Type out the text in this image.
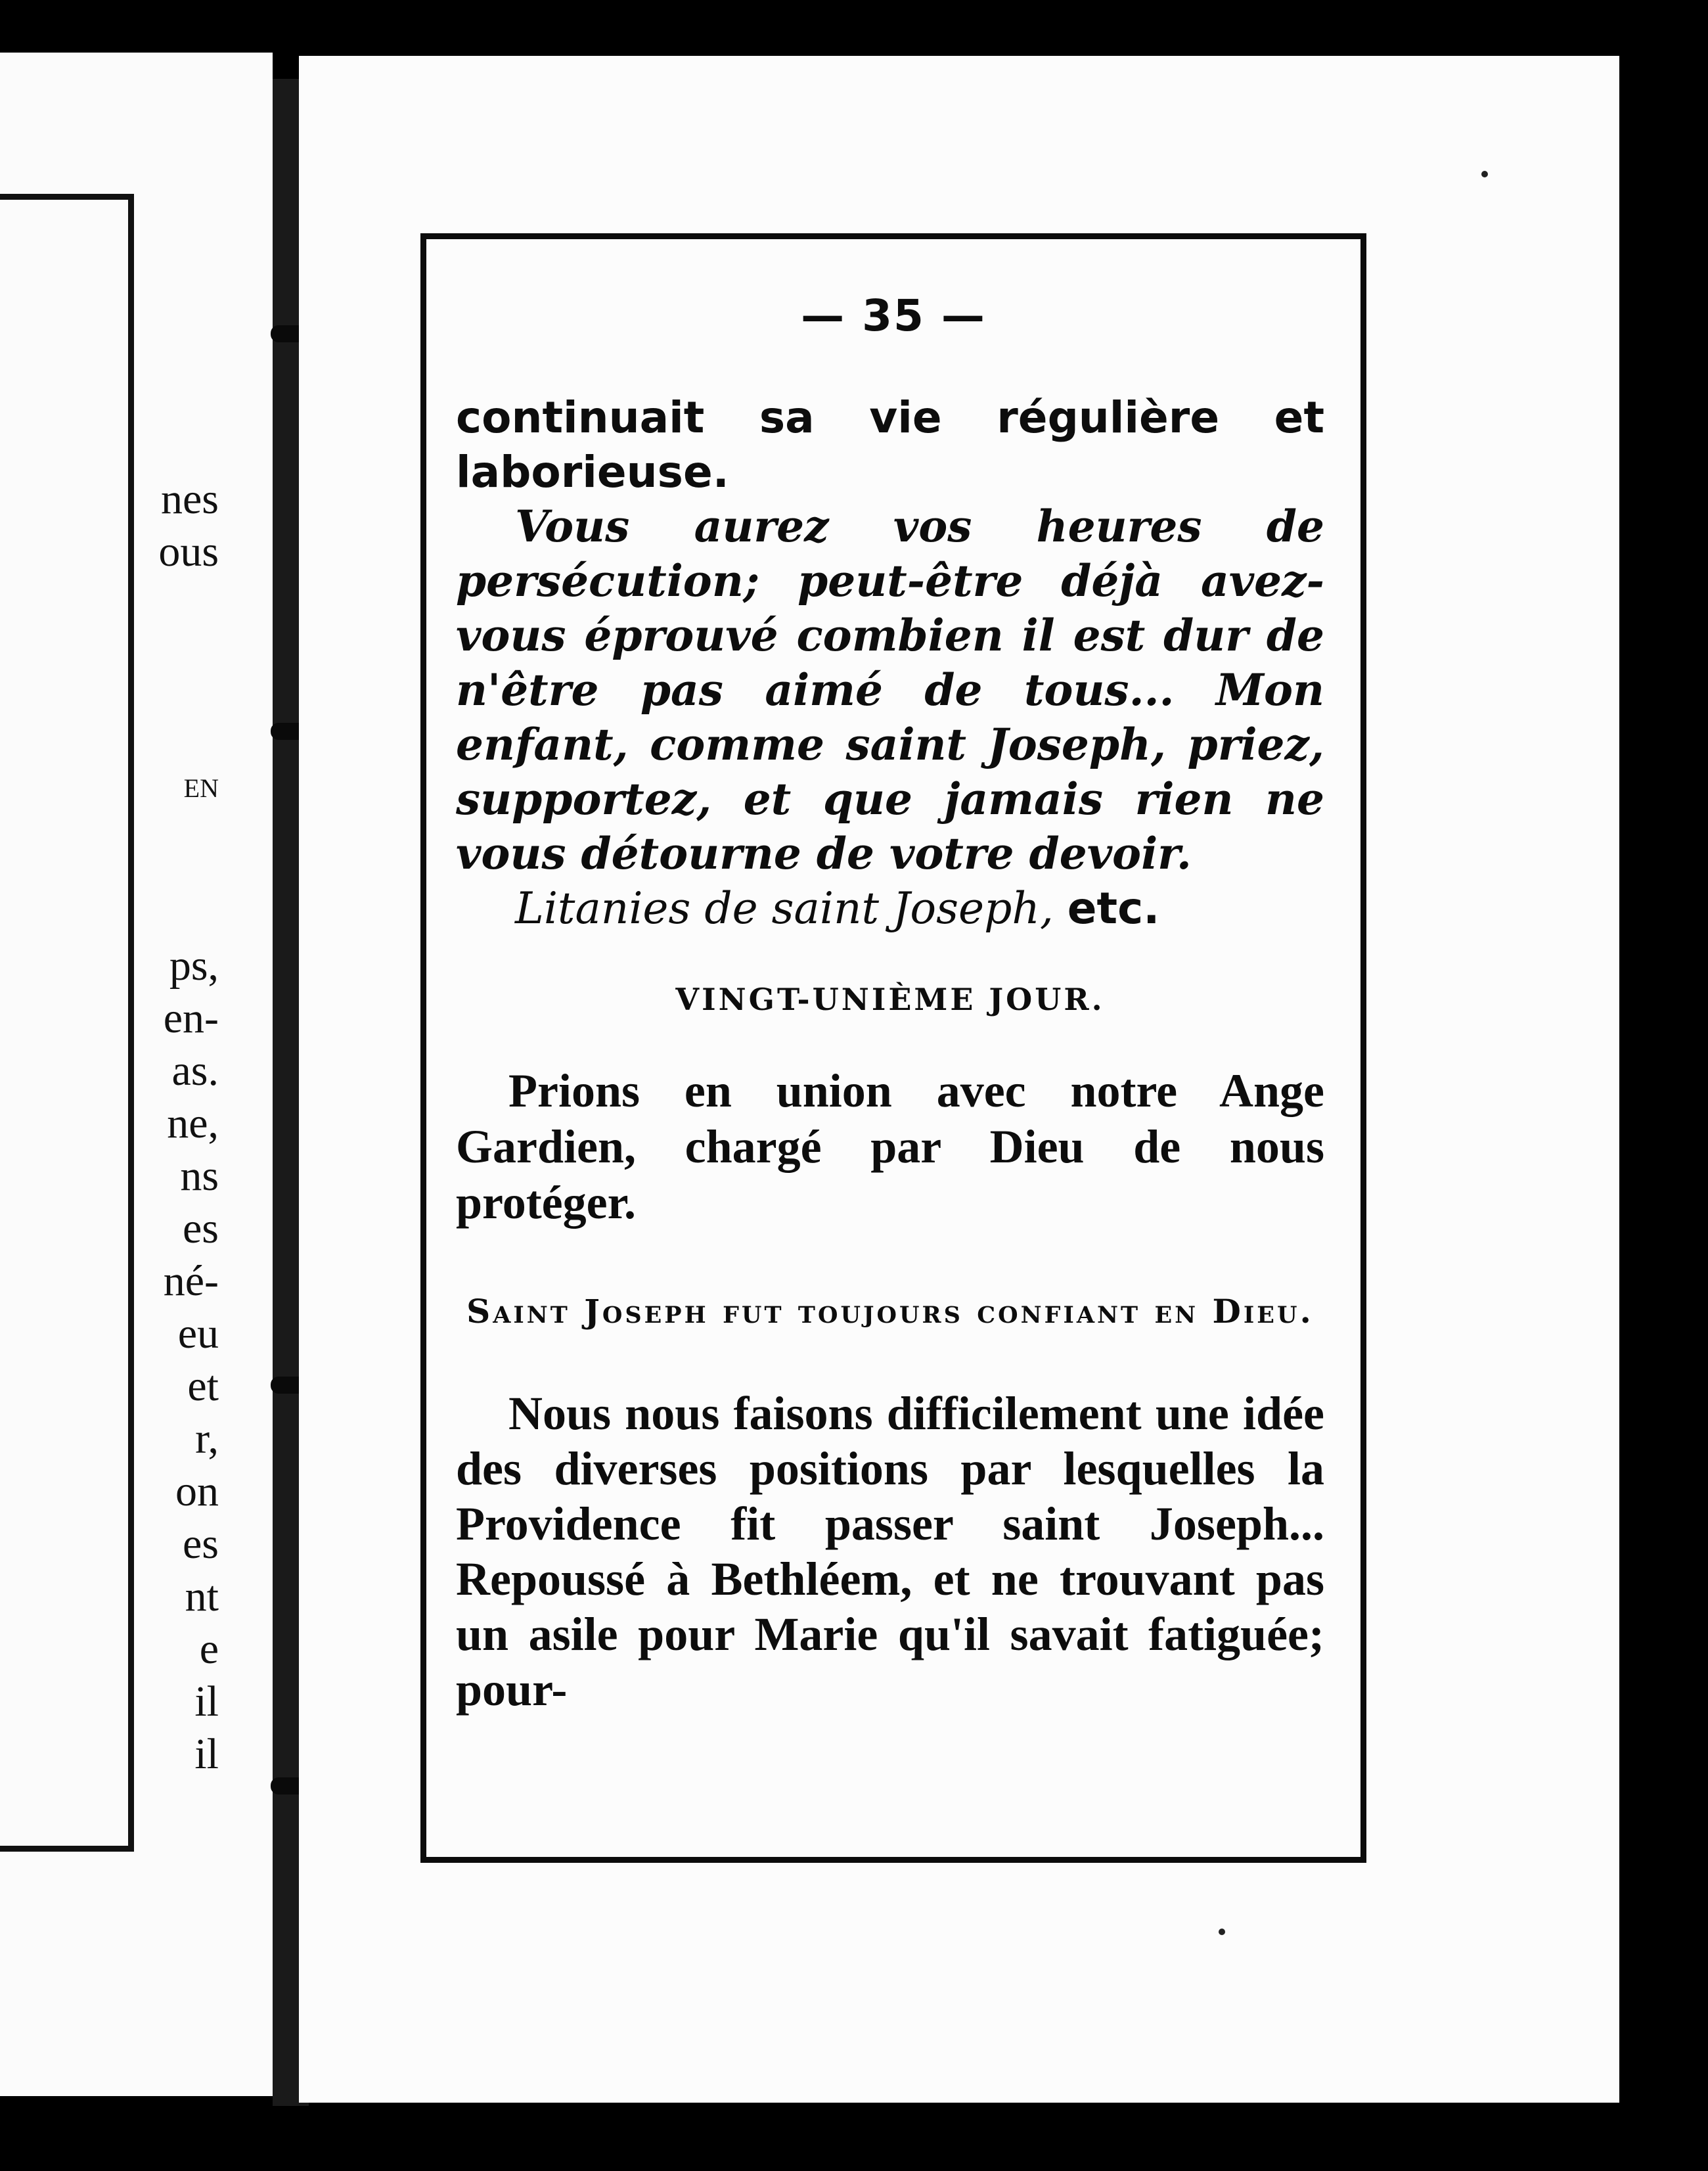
nes
ous
EN
ps,
en-
as.
ne,
ns
es
né-
eu
et
r,
on
es
nt
e
il
il
— 35 —

continuait sa vie régulière et laborieuse.

Vous aurez vos heures de persécution; peut-être déjà avez-vous éprouvé combien il est dur de n'être pas aimé de tous... Mon enfant, comme saint Joseph, priez, supportez, et que jamais rien ne vous détourne de votre devoir.

Litanies de saint Joseph, etc.

VINGT-UNIÈME JOUR.

Prions en union avec notre Ange Gardien, chargé par Dieu de nous protéger.

Saint Joseph fut toujours confiant en Dieu.

Nous nous faisons difficilement une idée des diverses positions par lesquelles la Providence fit passer saint Joseph... Repoussé à Bethléem, et ne trouvant pas un asile pour Marie qu'il savait fatiguée; pour-
